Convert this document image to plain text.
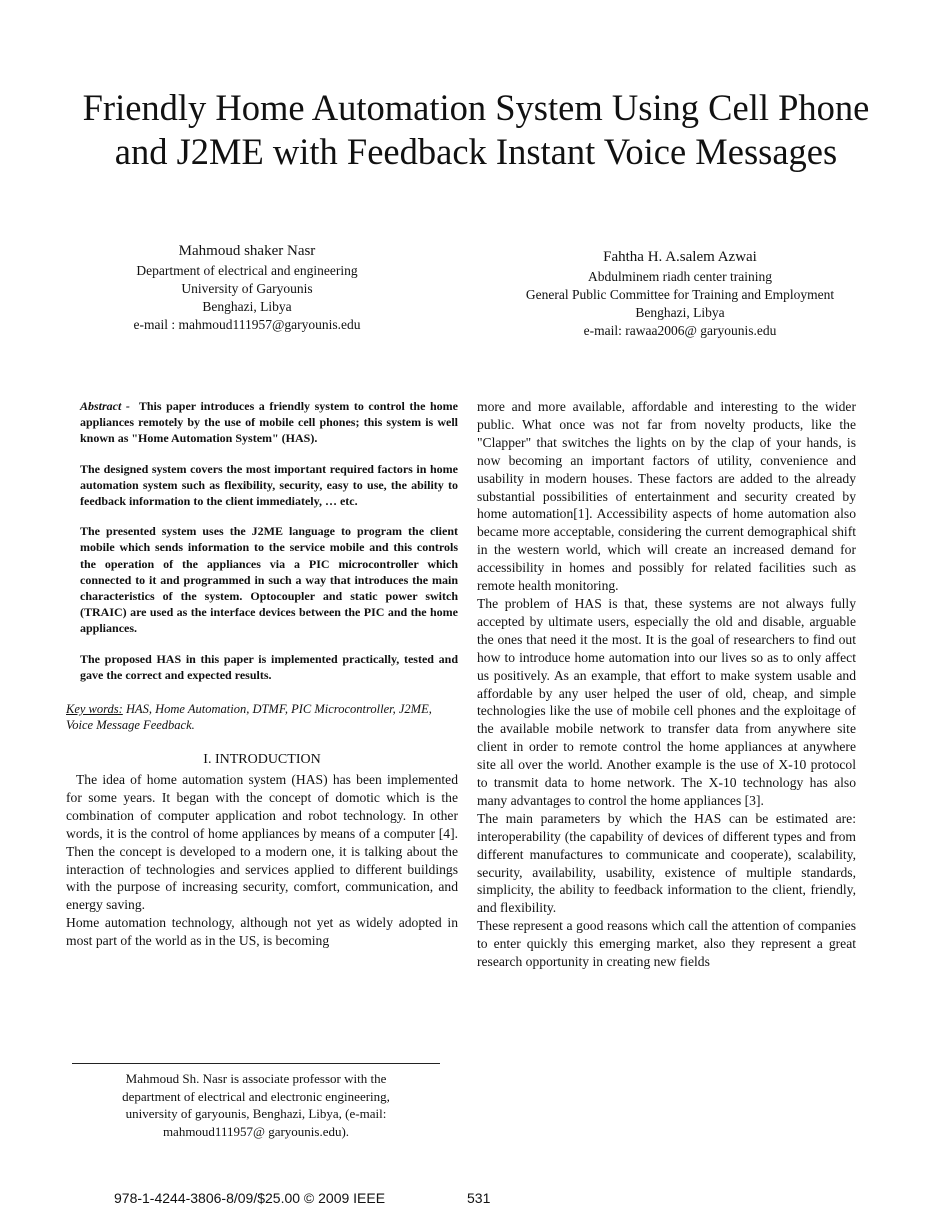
Friendly Home Automation System Using Cell Phone
and J2ME with Feedback Instant Voice Messages
Mahmoud shaker Nasr
Department of electrical and engineering
University of Garyounis
Benghazi, Libya
e-mail : mahmoud111957@garyounis.edu
Fahtha H. A.salem Azwai
Abdulminem riadh center training
General Public Committee for Training and Employment
Benghazi, Libya
e-mail: rawaa2006@ garyounis.edu

Abstract - This paper introduces a friendly system to control the home appliances remotely by the use of mobile cell phones; this system is well known as "Home Automation System" (HAS).

The designed system covers the most important required factors in home automation system such as flexibility, security, easy to use, the ability to feedback information to the client immediately, … etc.

The presented system uses the J2ME language to program the client mobile which sends information to the service mobile and this controls the operation of the appliances via a PIC microcontroller which connected to it and programmed in such a way that introduces the main characteristics of the system. Optocoupler and static power switch (TRAIC) are used as the interface devices between the PIC and the home appliances.

The proposed HAS in this paper is implemented practically, tested and gave the correct and expected results.

Key words: HAS, Home Automation, DTMF, PIC Microcontroller, J2ME, Voice Message Feedback.
I. INTRODUCTION

The idea of home automation system (HAS) has been implemented for some years. It began with the concept of domotic which is the combination of computer application and robot technology. In other words, it is the control of home appliances by means of a computer [4]. Then the concept is developed to a modern one, it is talking about the interaction of technologies and services applied to different buildings with the purpose of increasing security, comfort, communication, and energy saving.

Home automation technology, although not yet as widely adopted in most part of the world as in the US, is becoming

more and more available, affordable and interesting to the wider public. What once was not far from novelty products, like the "Clapper" that switches the lights on by the clap of your hands, is now becoming an important factors of utility, convenience and usability in modern houses. These factors are added to the already substantial possibilities of entertainment and security created by home automation[1]. Accessibility aspects of home automation also became more acceptable, considering the current demographical shift in the western world, which will create an increased demand for accessibility in homes and possibly for related facilities such as remote health monitoring.

The problem of HAS is that, these systems are not always fully accepted by ultimate users, especially the old and disable, arguable the ones that need it the most. It is the goal of researchers to find out how to introduce home automation into our lives so as to only affect us positively. As an example, that effort to make system usable and affordable by any user helped the user of old, cheap, and simple technologies like the use of mobile cell phones and the exploitage of the available mobile network to transfer data from anywhere site client in order to remote control the home appliances at anywhere site all over the world. Another example is the use of X-10 protocol to transmit data to home network. The X-10 technology has also many advantages to control the home appliances [3].

The main parameters by which the HAS can be estimated are: interoperability (the capability of devices of different types and from different manufactures to communicate and cooperate), scalability, security, availability, usability, existence of multiple standards, simplicity, the ability to feedback information to the client, friendly, and flexibility.

These represent a good reasons which call the attention of companies to enter quickly this emerging market, also they represent a great research opportunity in creating new fields

Mahmoud Sh. Nasr is associate professor with the
department of electrical and electronic engineering,
university of garyounis, Benghazi, Libya, (e-mail:
mahmoud111957@ garyounis.edu).
978-1-4244-3806-8/09/$25.00 © 2009 IEEE	531
